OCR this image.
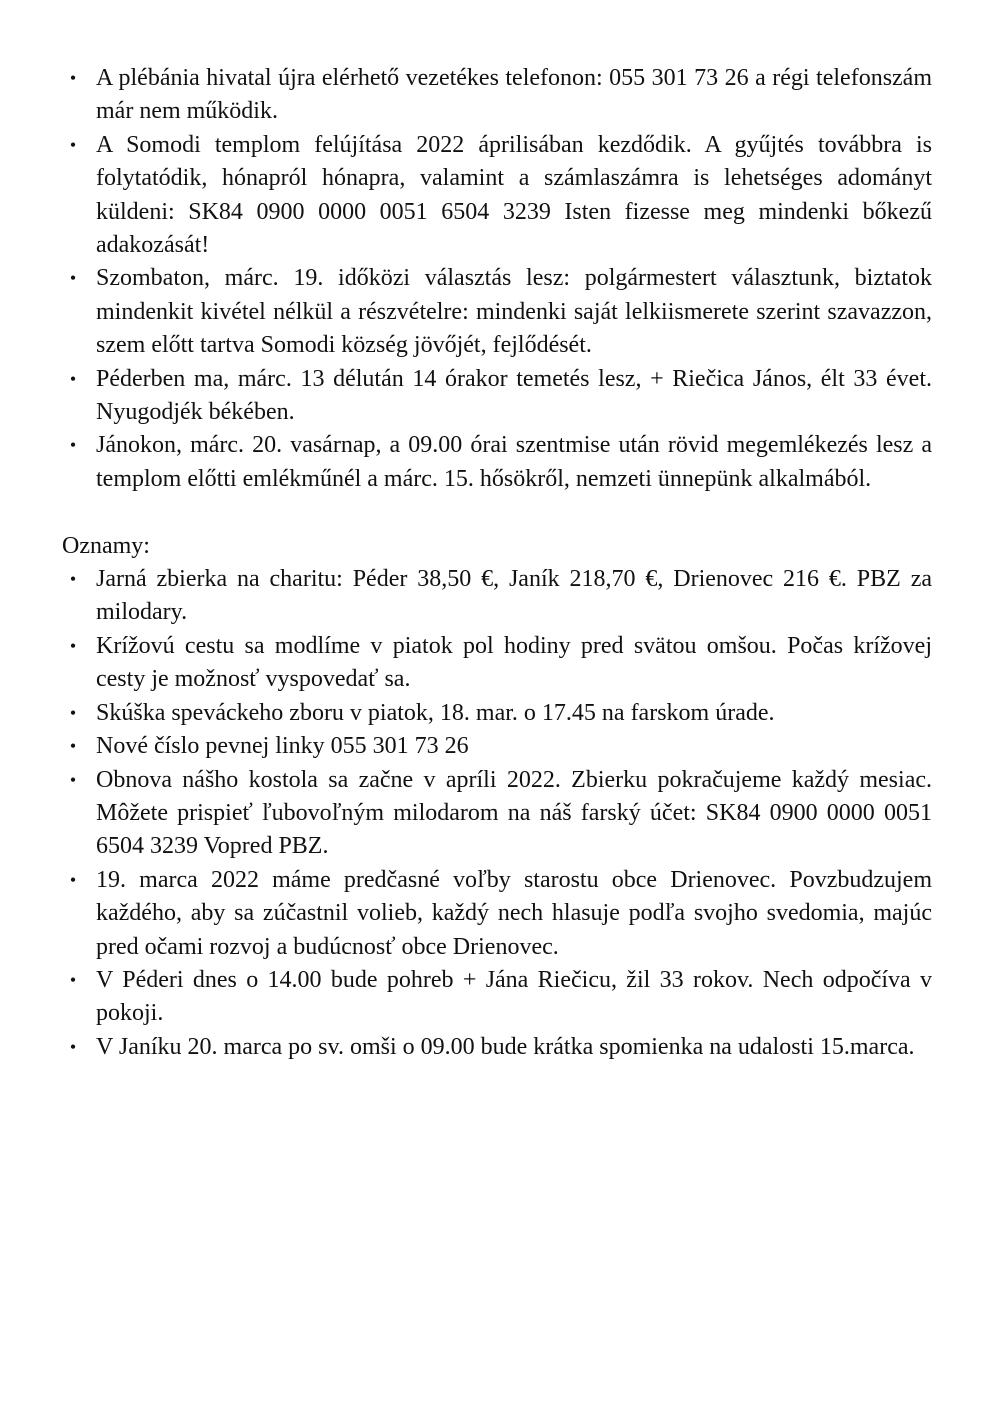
• A plébánia hivatal újra elérhető vezetékes telefonon: 055 301 73 26 a régi telefonszám már nem működik.
• A Somodi templom felújítása 2022 áprilisában kezdődik. A gyűjtés továbbra is folytatódik, hónapról hónapra, valamint a számlaszámra is lehetséges adományt küldeni: SK84 0900 0000 0051 6504 3239 Isten fizesse meg mindenki bőkezű adakozását!
• Szombaton, márc. 19. időközi választás lesz: polgármestert választunk, biztatok mindenkit kivétel nélkül a részvételre: mindenki saját lelkiismerete szerint szavazzon, szem előtt tartva Somodi község jövőjét, fejlődését.
• Péderben ma, márc. 13 délután 14 órakor temetés lesz, + Riečica János, élt 33 évet. Nyugodjék békében.
• Jánokon, márc. 20. vasárnap, a 09.00 órai szentmise után rövid megemlékezés lesz a templom előtti emlékműnél a márc. 15. hősökről, nemzeti ünnepünk alkalmából.

Oznamy:

• Jarná zbierka na charitu: Péder 38,50 €, Janík 218,70 €, Drienovec 216 €. PBZ za milodary.
• Krížovú cestu sa modlíme v piatok pol hodiny pred svätou omšou. Počas krížovej cesty je možnosť vyspovedať sa.
• Skúška speváckeho zboru v piatok, 18. mar. o 17.45 na farskom úrade.
• Nové číslo pevnej linky 055 301 73 26
• Obnova nášho kostola sa začne v apríli 2022. Zbierku pokračujeme každý mesiac. Môžete prispieť ľubovoľným milodarom na náš farský účet: SK84 0900 0000 0051 6504 3239 Vopred PBZ.
• 19. marca 2022 máme predčasné voľby starostu obce Drienovec. Povzbudzujem každého, aby sa zúčastnil volieb, každý nech hlasuje podľa svojho svedomia, majúc pred očami rozvoj a budúcnosť obce Drienovec.
• V Péderi dnes o 14.00 bude pohreb + Jána Riečicu, žil 33 rokov. Nech odpočíva v pokoji.
• V Janíku 20. marca po sv. omši o 09.00 bude krátka spomienka na udalosti 15.marca.
